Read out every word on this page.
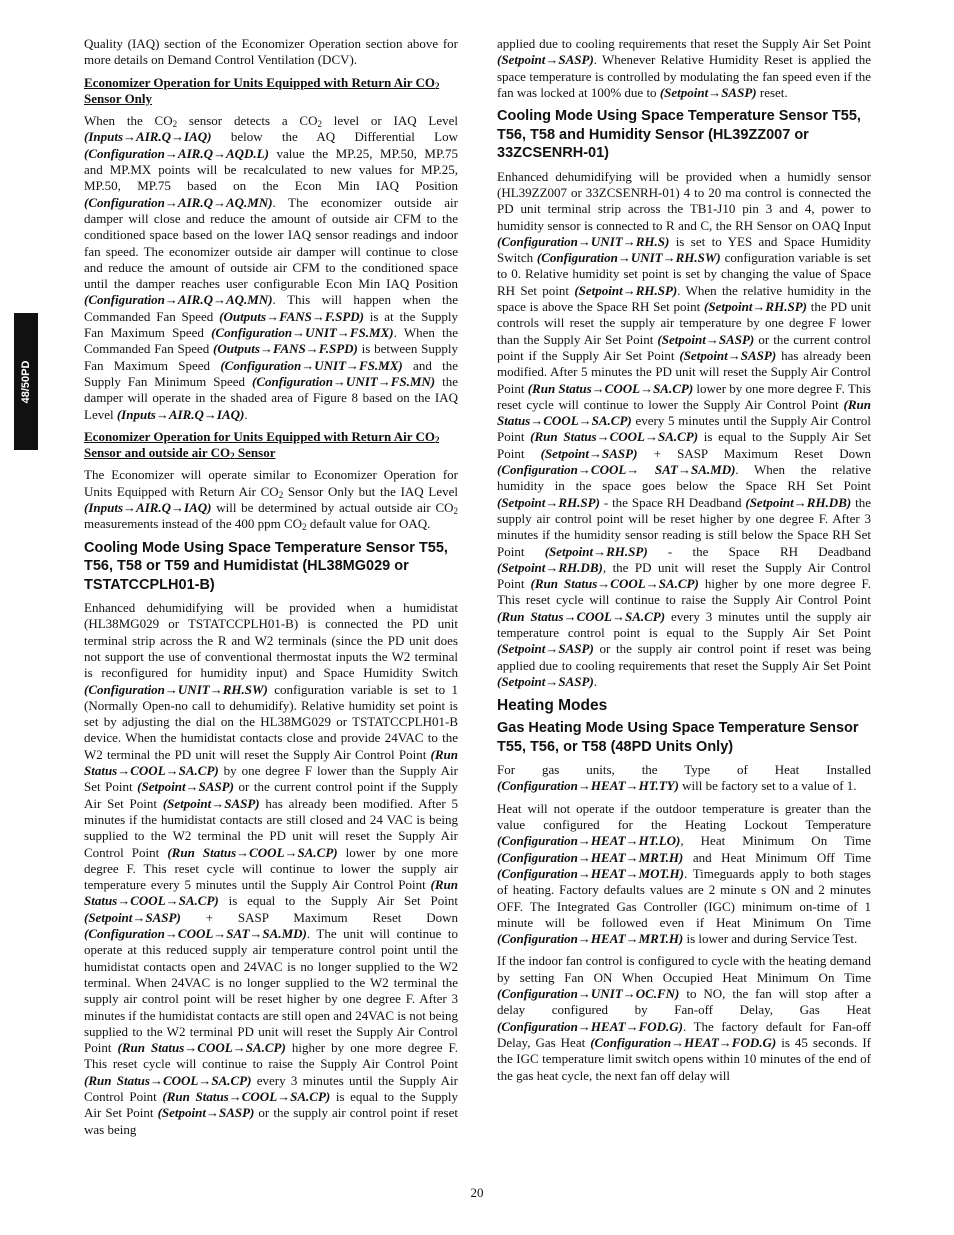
48/50PD

Quality (IAQ) section of the Economizer Operation section above for more details on Demand Control Ventilation (DCV).

Economizer Operation for Units Equipped with Return Air $CO_2$ Sensor Only

When the $CO_2$ sensor detects a $CO_2$ level or IAQ Level (Inputs→AIR.Q→IAQ) below the AQ Differential Low (Configuration→AIR.Q→AQD.L) value the MP.25, MP.50, MP.75 and MP.MX points will be recalculated to new values for MP.25, MP.50, MP.75 based on the Econ Min IAQ Position (Configuration→AIR.Q→AQ.MN). The economizer outside air damper will close and reduce the amount of outside air CFM to the conditioned space based on the lower IAQ sensor readings and indoor fan speed. The economizer outside air damper will continue to close and reduce the amount of outside air CFM to the conditioned space until the damper reaches user configurable Econ Min IAQ Position (Configuration→AIR.Q→AQ.MN). This will happen when the Commanded Fan Speed (Outputs→FANS→F.SPD) is at the Supply Fan Maximum Speed (Configuration→UNIT→FS.MX). When the Commanded Fan Speed (Outputs→FANS→F.SPD) is between Supply Fan Maximum Speed (Configuration→UNIT→FS.MX) and the Supply Fan Minimum Speed (Configuration→UNIT→FS.MN) the damper will operate in the shaded area of Figure 8 based on the IAQ Level (Inputs→AIR.Q→IAQ).

Economizer Operation for Units Equipped with Return Air $CO_2$ Sensor and outside air $CO_2$ Sensor

The Economizer will operate similar to Economizer Operation for Units Equipped with Return Air $CO_2$ Sensor Only but the IAQ Level (Inputs→AIR.Q→IAQ) will be determined by actual outside air $CO_2$ measurements instead of the 400 ppm $CO_2$ default value for OAQ.

Cooling Mode Using Space Temperature Sensor T55, T56, T58 or T59 and Humidistat (HL38MG029 or TSTATCCPLH01-B)

Enhanced dehumidifying will be provided when a humidistat (HL38MG029 or TSTATCCPLH01-B) is connected the PD unit terminal strip across the R and W2 terminals (since the PD unit does not support the use of conventional thermostat inputs the W2 terminal is reconfigured for humidity input) and Space Humidity Switch (Configuration→UNIT→RH.SW) configuration variable is set to 1 (Normally Open-no call to dehumidify). Relative humidity set point is set by adjusting the dial on the HL38MG029 or TSTATCCPLH01-B device. When the humidistat contacts close and provide 24VAC to the W2 terminal the PD unit will reset the Supply Air Control Point (Run Status→COOL→SA.CP) by one degree F lower than the Supply Air Set Point (Setpoint→SASP) or the current control point if the Supply Air Set Point (Setpoint→SASP) has already been modified. After 5 minutes if the humidistat contacts are still closed and 24 VAC is being supplied to the W2 terminal the PD unit will reset the Supply Air Control Point (Run Status→COOL→SA.CP) lower by one more degree F. This reset cycle will continue to lower the supply air temperature every 5 minutes until the Supply Air Control Point (Run Status→COOL→SA.CP) is equal to the Supply Air Set Point (Setpoint→SASP) + SASP Maximum Reset Down (Configuration→COOL→SAT→SA.MD). The unit will continue to operate at this reduced supply air temperature control point until the humidistat contacts open and 24VAC is no longer supplied to the W2 terminal. When 24VAC is no longer supplied to the W2 terminal the supply air control point will be reset higher by one degree F. After 3 minutes if the humidistat contacts are still open and 24VAC is not being supplied to the W2 terminal PD unit will reset the Supply Air Control Point (Run Status→COOL→SA.CP) higher by one more degree F. This reset cycle will continue to raise the Supply Air Control Point (Run Status→COOL→SA.CP) every 3 minutes until the Supply Air Control Point (Run Status→COOL→SA.CP) is equal to the Supply Air Set Point (Setpoint→SASP) or the supply air control point if reset was being

applied due to cooling requirements that reset the Supply Air Set Point (Setpoint→SASP). Whenever Relative Humidity Reset is applied the space temperature is controlled by modulating the fan speed even if the fan was locked at 100% due to (Setpoint→SASP) reset.

Cooling Mode Using Space Temperature Sensor T55, T56, T58 and Humidity Sensor (HL39ZZ007 or 33ZCSENRH-01)

Enhanced dehumidifying will be provided when a humidly sensor (HL39ZZ007 or 33ZCSENRH-01) 4 to 20 ma control is connected the PD unit terminal strip across the TB1-J10 pin 3 and 4, power to humidity sensor is connected to R and C, the RH Sensor on OAQ Input (Configuration→UNIT→RH.S) is set to YES and Space Humidity Switch (Configuration→UNIT→RH.SW) configuration variable is set to 0. Relative humidity set point is set by changing the value of Space RH Set point (Setpoint→RH.SP). When the relative humidity in the space is above the Space RH Set point (Setpoint→RH.SP) the PD unit controls will reset the supply air temperature by one degree F lower than the Supply Air Set Point (Setpoint→SASP) or the current control point if the Supply Air Set Point (Setpoint→SASP) has already been modified. After 5 minutes the PD unit will reset the Supply Air Control Point (Run Status→COOL→SA.CP) lower by one more degree F. This reset cycle will continue to lower the Supply Air Control Point (Run Status→COOL→SA.CP) every 5 minutes until the Supply Air Control Point (Run Status→COOL→SA.CP) is equal to the Supply Air Set Point (Setpoint→SASP) + SASP Maximum Reset Down (Configuration→COOL→ SAT→SA.MD). When the relative humidity in the space goes below the Space RH Set Point (Setpoint→RH.SP) - the Space RH Deadband (Setpoint→RH.DB) the supply air control point will be reset higher by one degree F. After 3 minutes if the humidity sensor reading is still below the Space RH Set Point (Setpoint→RH.SP) - the Space RH Deadband (Setpoint→RH.DB), the PD unit will reset the Supply Air Control Point (Run Status→COOL→SA.CP) higher by one more degree F. This reset cycle will continue to raise the Supply Air Control Point (Run Status→COOL→SA.CP) every 3 minutes until the supply air temperature control point is equal to the Supply Air Set Point (Setpoint→SASP) or the supply air control point if reset was being applied due to cooling requirements that reset the Supply Air Set Point (Setpoint→SASP).

Heating Modes
Gas Heating Mode Using Space Temperature Sensor T55, T56, or T58 (48PD Units Only)

For gas units, the Type of Heat Installed (Configuration→HEAT→HT.TY) will be factory set to a value of 1.

Heat will not operate if the outdoor temperature is greater than the value configured for the Heating Lockout Temperature (Configuration→HEAT→HT.LO), Heat Minimum On Time (Configuration→HEAT→MRT.H) and Heat Minimum Off Time (Configuration→HEAT→MOT.H). Timeguards apply to both stages of heating. Factory defaults values are 2 minute s ON and 2 minutes OFF. The Integrated Gas Controller (IGC) minimum on-time of 1 minute will be followed even if Heat Minimum On Time (Configuration→HEAT→MRT.H) is lower and during Service Test.

If the indoor fan control is configured to cycle with the heating demand by setting Fan ON When Occupied Heat Minimum On Time (Configuration→UNIT→OC.FN) to NO, the fan will stop after a delay configured by Fan-off Delay, Gas Heat (Configuration→HEAT→FOD.G). The factory default for Fan-off Delay, Gas Heat (Configuration→HEAT→FOD.G) is 45 seconds. If the IGC temperature limit switch opens within 10 minutes of the end of the gas heat cycle, the next fan off delay will

20
